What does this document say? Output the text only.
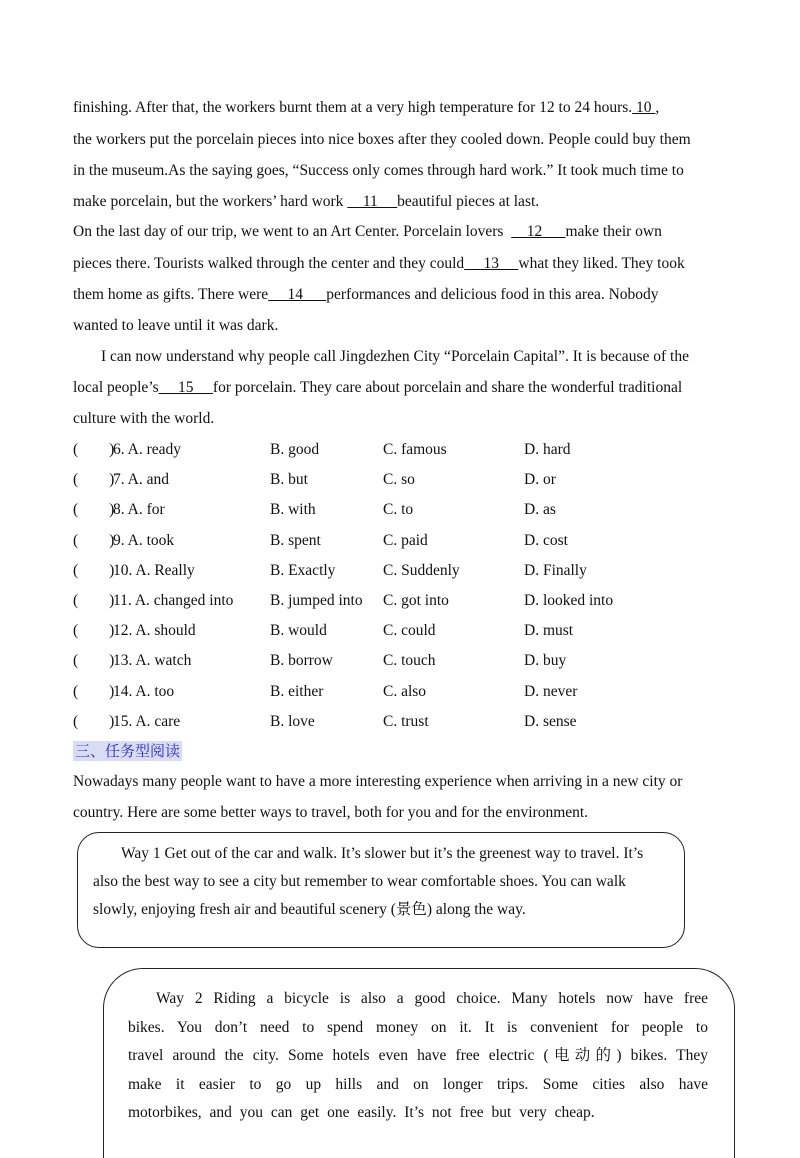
finishing. After that, the workers burnt them at a very high temperature for 12 to 24 hours. 10 ,
the workers put the porcelain pieces into nice boxes after they cooled down. People could buy them
in the museum.As the saying goes, “Success only comes through hard work.” It took much time to
make porcelain, but the workers’ hard work     11     beautiful pieces at last.
On the last day of our trip, we went to an Art Center. Porcelain lovers      12      make their own
pieces there. Tourists walked through the center and they could     13     what they liked. They took
them home as gifts. There were     14      performances and delicious food in this area. Nobody
wanted to leave until it was dark.
I can now understand why people call Jingdezhen City “Porcelain Capital”. It is because of the
local people’s     15     for porcelain. They care about porcelain and share the wonderful traditional
culture with the world.
(        )
6. A. ready	B. good	C. famous	D. hard
(        )
7. A. and	B. but	C. so	D. or
(        )
8. A. for	B. with	C. to	D. as
(        )
9. A. took	B. spent	C. paid	D. cost
(        )
10. A. Really	B. Exactly	C. Suddenly	D. Finally
(        )
11. A. changed into B. jumped into C. got into	D. looked into
(        )
12. A. should	B. would	C. could	D. must
(        )
13. A. watch	B. borrow	C. touch	D. buy
(        )
14. A. too	B. either	C. also	D. never
(        )
15. A. care	B. love	C. trust	D. sense
三、任务型阅读
Nowadays many people want to have a more interesting experience when arriving in a new city or
country. Here are some better ways to travel, both for you and for the environment.
Way 1 Get out of the car and walk. It’s slower but it’s the greenest way to travel. It’s
also the best way to see a city but remember to wear comfortable shoes. You can walk
slowly, enjoying fresh air and beautiful scenery (景色) along the way.
Way 2 Riding a bicycle is also a good choice. Many hotels now have free
bikes. You don’t need to spend money on it. It is convenient for people to
travel around the city. Some hotels even have free electric (电动的) bikes. They
make it easier to go up hills and on longer trips. Some cities also have
motorbikes, and you can get one easily. It’s not free but very cheap.
